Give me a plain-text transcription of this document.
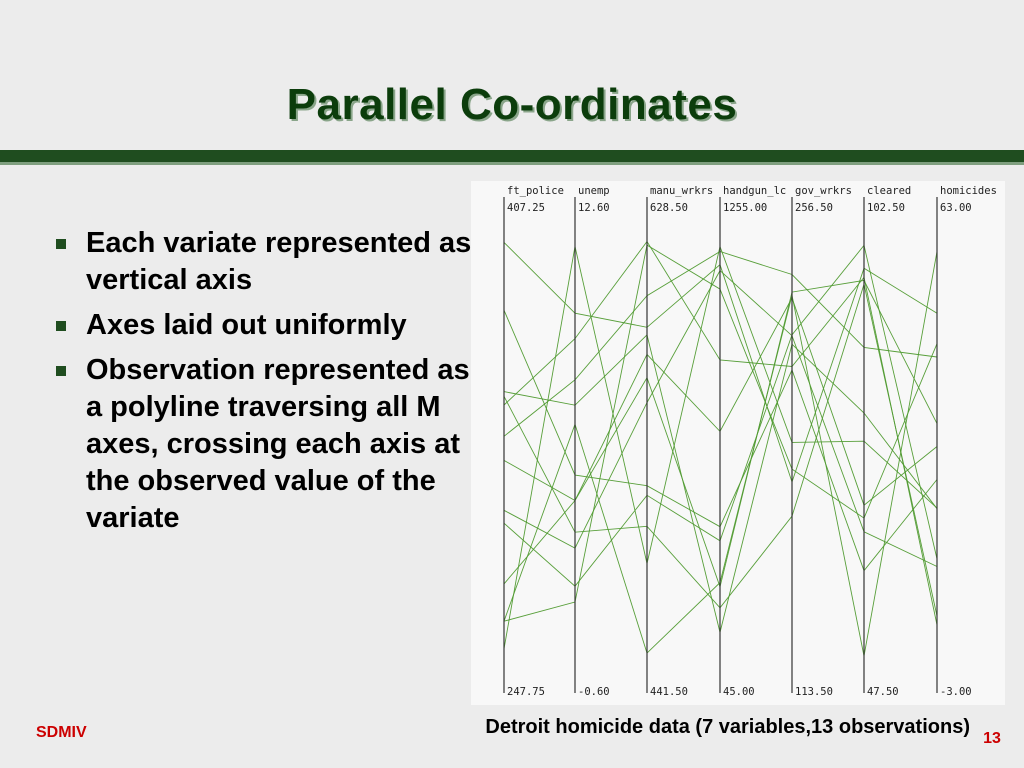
Parallel Co-ordinates
Each variate represented as vertical axis
Axes laid out uniformly
Observation represented as a polyline traversing all M axes, crossing each axis at the observed value of the variate
ft_police
407.25
247.75
unemp
12.60
-0.60
manu_wrkrs
628.50
441.50
handgun_lc
1255.00
45.00
gov_wrkrs
256.50
113.50
cleared
102.50
47.50
homicides
63.00
-3.00
Detroit homicide data (7 variables,13 observations)
SDMIV	13
